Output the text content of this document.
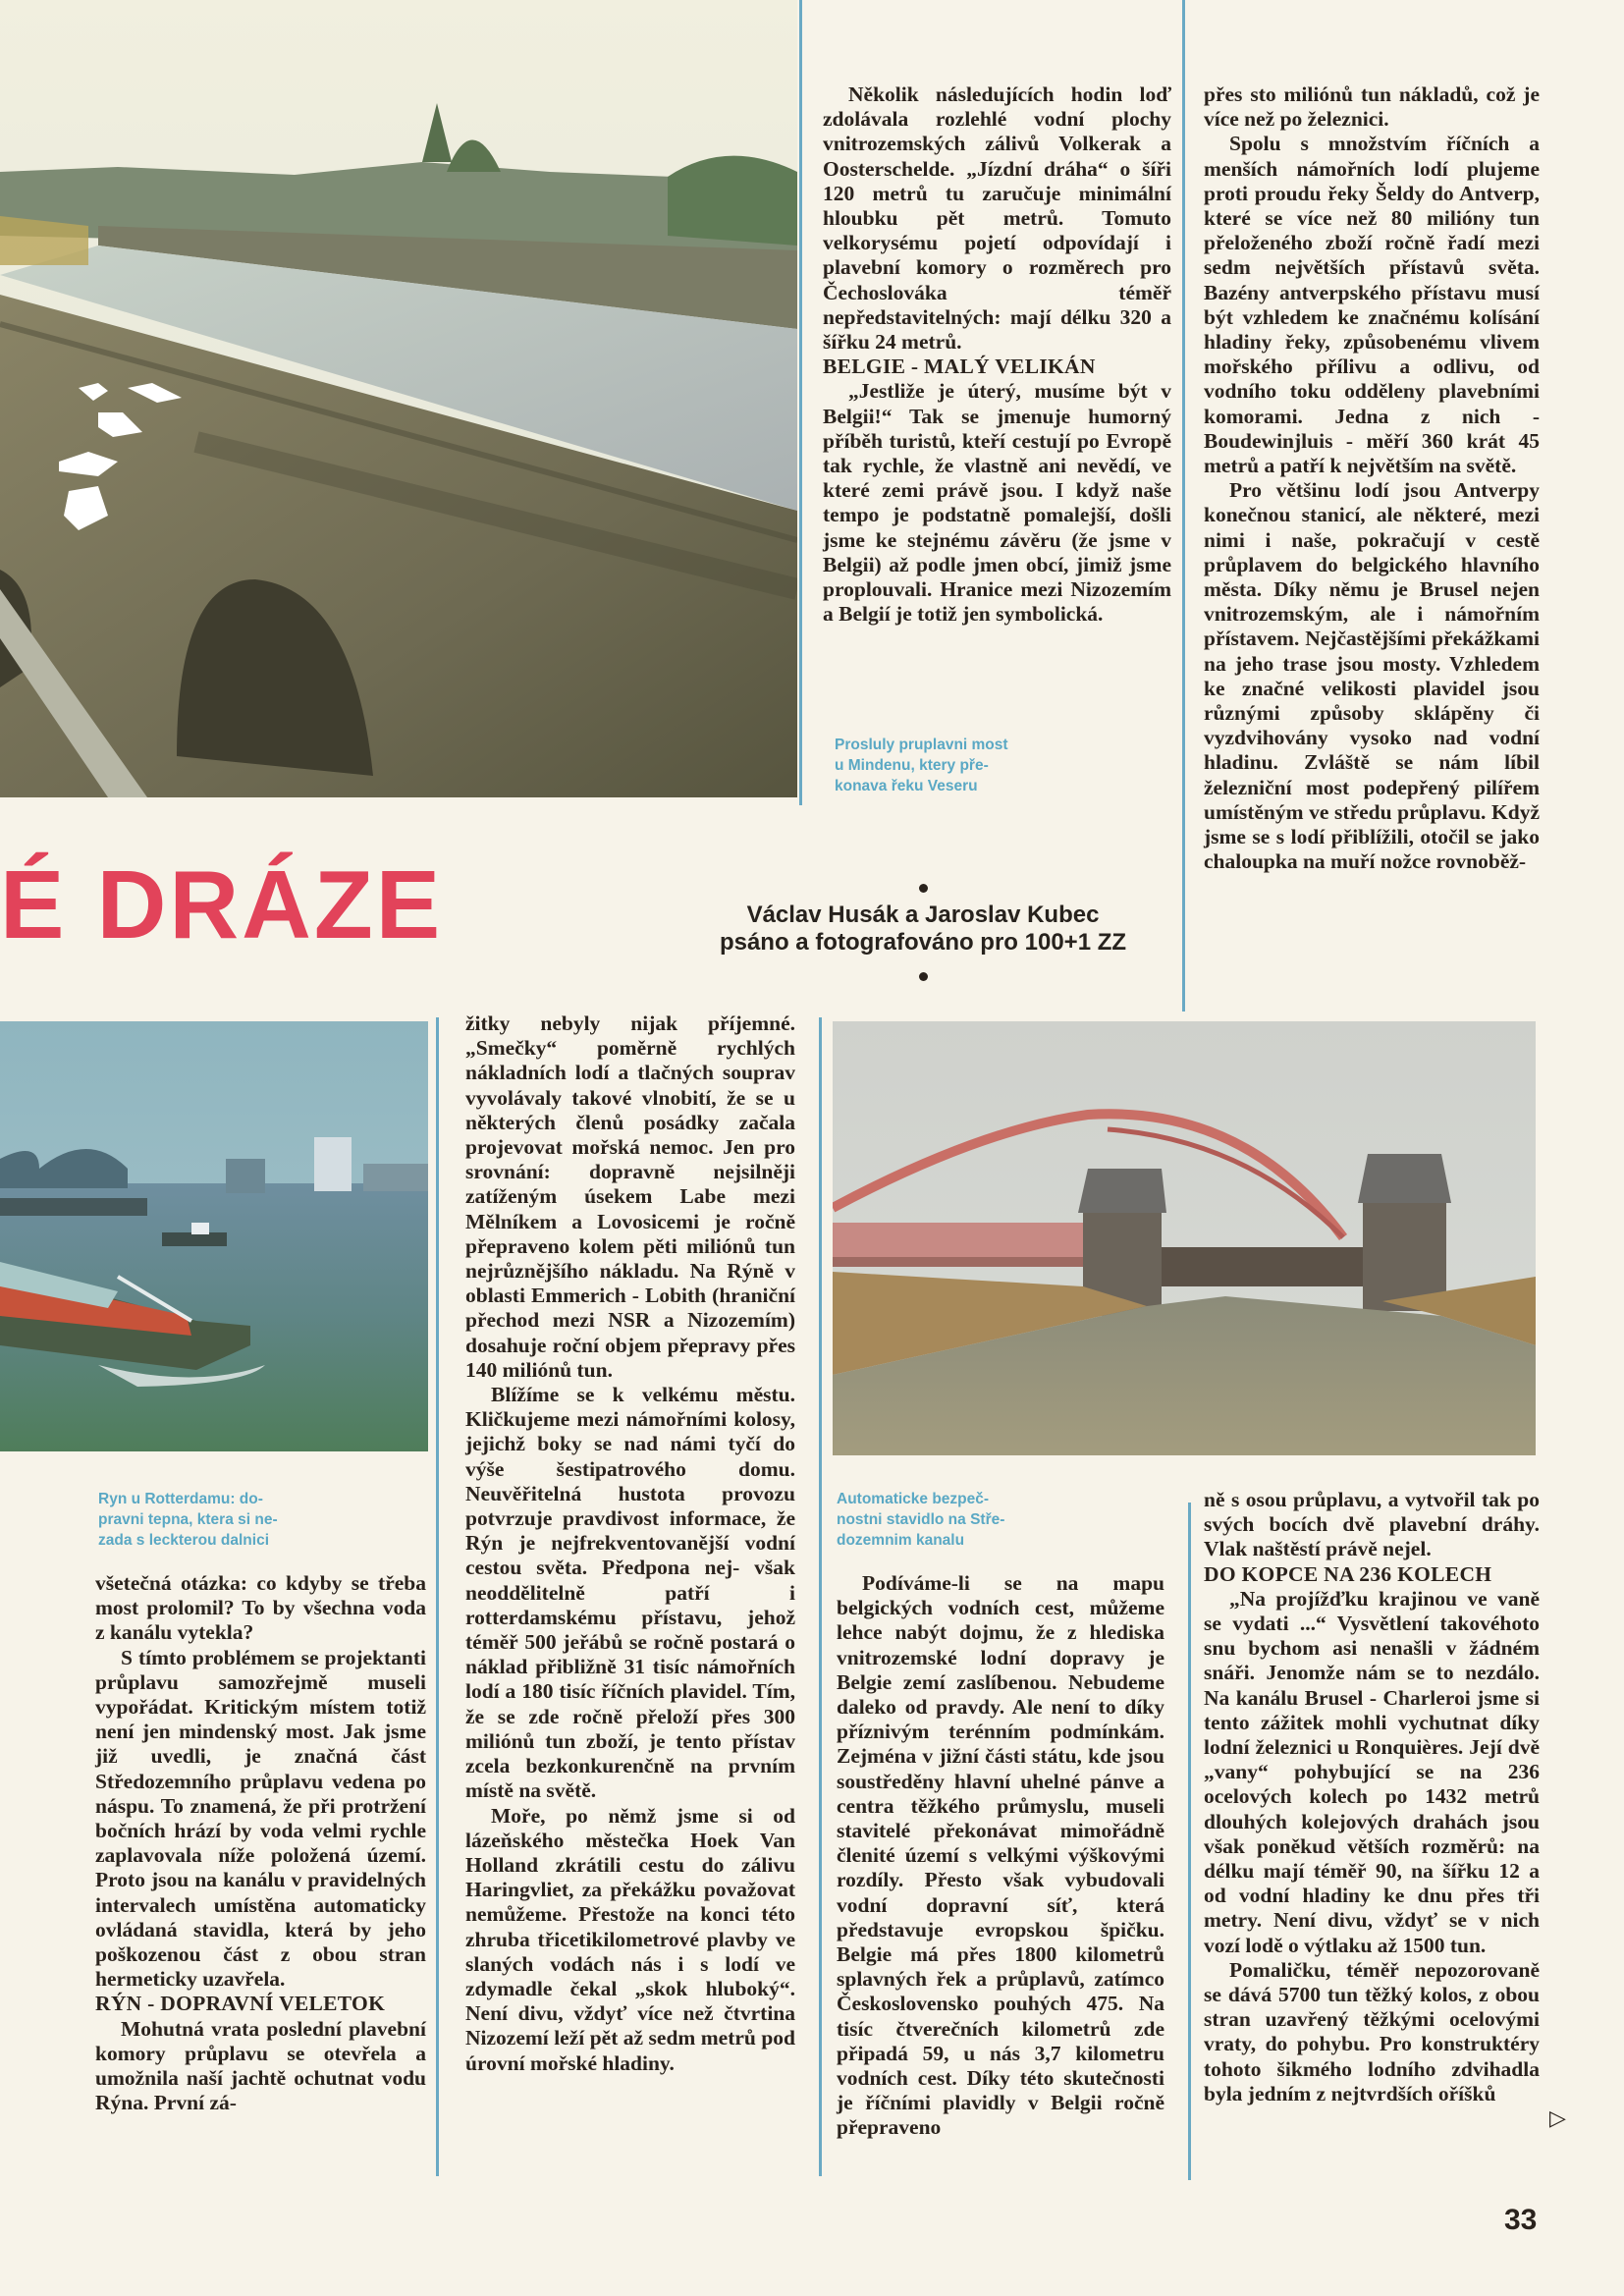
Několik následujících hodin loď zdolávala rozlehlé vodní plochy vnitrozemských zálivů Volkerak a Oosterschelde. „Jízdní dráha“ o šíři 120 metrů tu zaručuje minimální hloubku pět metrů. Tomuto velkorysému pojetí odpovídají i plavební komory o rozměrech pro Čechoslováka téměř nepředstavitelných: mají délku 320 a šířku 24 metrů.

BELGIE - MALÝ VELIKÁN

„Jestliže je úterý, musíme být v Belgii!“ Tak se jmenuje humorný příběh turistů, kteří cestují po Evropě tak rychle, že vlastně ani nevědí, ve které zemi právě jsou. I když naše tempo je podstatně pomalejší, došli jsme ke stejnému závěru (že jsme v Belgii) až podle jmen obcí, jimiž jsme proplouvali. Hranice mezi Nizozemím a Belgií je totiž jen symbolická.

Prosluly pruplavni most
u Mindenu, ktery pře-
konava řeku Veseru

přes sto miliónů tun nákladů, což je více než po železnici.

Spolu s množstvím říčních a menších námořních lodí plujeme proti proudu řeky Šeldy do Antverp, které se více než 80 milióny tun přeloženého zboží ročně řadí mezi sedm největších přístavů světa. Bazény antverpského přístavu musí být vzhledem ke značnému kolísání hladiny řeky, způsobenému vlivem mořského přílivu a odlivu, od vodního toku odděleny plavebními komorami. Jedna z nich - Boudewinjluis - měří 360 krát 45 metrů a patří k největším na světě.

Pro většinu lodí jsou Antverpy konečnou stanicí, ale některé, mezi nimi i naše, pokračují v cestě průplavem do belgického hlavního města. Díky němu je Brusel nejen vnitrozemským, ale i námořním přístavem. Nejčastějšími překážkami na jeho trase jsou mosty. Vzhledem ke značné velikosti plavidel jsou různými způsoby sklápěny či vyzdvihovány vysoko nad vodní hladinu. Zvláště se nám líbil železniční most podepřený pilířem umístěným ve středu průplavu. Když jsme se s lodí přiblížili, otočil se jako chaloupka na muří nožce rovnoběž-

É DRÁZE	Václav Husák a Jaroslav Kubec
psáno a fotografováno pro 100+1 ZZ
Ryn u Rotterdamu: do-
pravni tepna, ktera si ne-
zada s leckterou dalnici

všetečná otázka: co kdyby se třeba most prolomil? To by všechna voda z kanálu vytekla?

S tímto problémem se projektanti průplavu samozřejmě museli vypořádat. Kritickým místem totiž není jen mindenský most. Jak jsme již uvedli, je značná část Středozemního průplavu vedena po náspu. To znamená, že při protržení bočních hrází by voda velmi rychle zaplavovala níže položená území. Proto jsou na kanálu v pravidelných intervalech umístěna automaticky ovládaná stavidla, která by jeho poškozenou část z obou stran hermeticky uzavřela.

RÝN - DOPRAVNÍ VELETOK

Mohutná vrata poslední plavební komory průplavu se otevřela a umožnila naší jachtě ochutnat vodu Rýna. První zá-

žitky nebyly nijak příjemné. „Smečky“ poměrně rychlých nákladních lodí a tlačných souprav vyvolávaly takové vlnobití, že se u některých členů posádky začala projevovat mořská nemoc. Jen pro srovnání: dopravně nejsilněji zatíženým úsekem Labe mezi Mělníkem a Lovosicemi je ročně přepraveno kolem pěti miliónů tun nejrůznějšího nákladu. Na Rýně v oblasti Emmerich - Lobith (hraniční přechod mezi NSR a Nizozemím) dosahuje roční objem přepravy přes 140 miliónů tun.

Blížíme se k velkému městu. Kličkujeme mezi námořními kolosy, jejichž boky se nad námi tyčí do výše šestipatrového domu. Neuvěřitelná hustota provozu potvrzuje pravdivost informace, že Rýn je nejfrekventovanější vodní cestou světa. Předpona nej- však neoddělitelně patří i rotterdamskému přístavu, jehož téměř 500 jeřábů se ročně postará o náklad přibližně 31 tisíc námořních lodí a 180 tisíc říčních plavidel. Tím, že se zde ročně přeloží přes 300 miliónů tun zboží, je tento přístav zcela bezkonkurenčně na prvním místě na světě.

Moře, po němž jsme si od lázeňského městečka Hoek Van Holland zkrátili cestu do zálivu Haringvliet, za překážku považovat nemůžeme. Přestože na konci této zhruba třicetikilometrové plavby ve slaných vodách nás i s lodí ve zdymadle čekal „skok hluboký“. Není divu, vždyť více než čtvrtina Nizozemí leží pět až sedm metrů pod úrovní mořské hladiny.

Automaticke bezpeč-
nostni stavidlo na Stře-
dozemnim kanalu

Podíváme-li se na mapu belgických vodních cest, můžeme lehce nabýt dojmu, že z hlediska vnitrozemské lodní dopravy je Belgie zemí zaslíbenou. Nebudeme daleko od pravdy. Ale není to díky příznivým terénním podmínkám. Zejména v jižní části státu, kde jsou soustředěny hlavní uhelné pánve a centra těžkého průmyslu, museli stavitelé překonávat mimořádně členité území s velkými výškovými rozdíly. Přesto však vybudovali vodní dopravní síť, která představuje evropskou špičku. Belgie má přes 1800 kilometrů splavných řek a průplavů, zatímco Československo pouhých 475. Na tisíc čtverečních kilometrů zde připadá 59, u nás 3,7 kilometru vodních cest. Díky této skutečnosti je říčními plavidly v Belgii ročně přepraveno

ně s osou průplavu, a vytvořil tak po svých bocích dvě plavební dráhy. Vlak naštěstí právě nejel.

DO KOPCE NA 236 KOLECH

„Na projížďku krajinou ve vaně se vydati ...“ Vysvětlení takovéhoto snu bychom asi nenašli v žádném snáři. Jenomže nám se to nezdálo. Na kanálu Brusel - Charleroi jsme si tento zážitek mohli vychutnat díky lodní železnici u Ronquières. Její dvě „vany“ pohybující se na 236 ocelových kolech po 1432 metrů dlouhých kolejových drahách jsou však poněkud větších rozměrů: na délku mají téměř 90, na šířku 12 a od vodní hladiny ke dnu přes tři metry. Není divu, vždyť se v nich vozí lodě o výtlaku až 1500 tun.

Pomaličku, téměř nepozorovaně se dává 5700 tun těžký kolos, z obou stran uzavřený těžkými ocelovými vraty, do pohybu. Pro konstruktéry tohoto šikmého lodního zdvihadla byla jedním z nejtvrdších oříšků

▷
33
